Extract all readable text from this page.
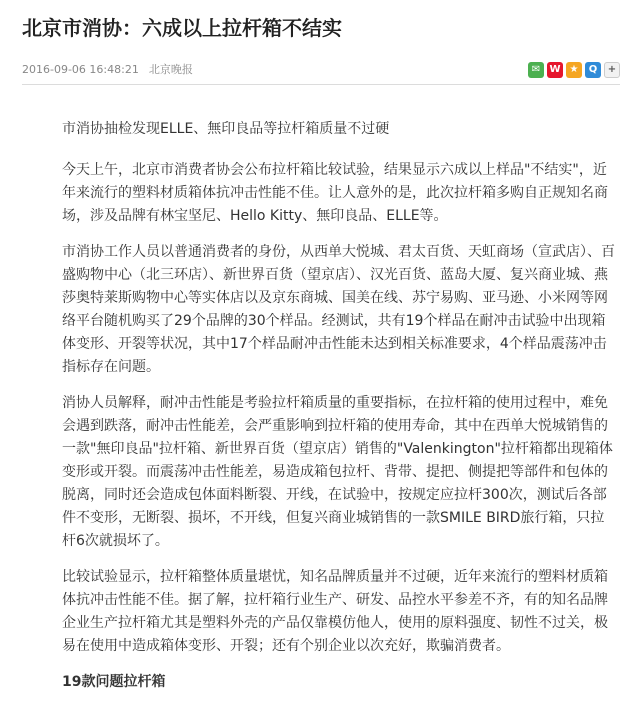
北京市消协：六成以上拉杆箱不结实
2016-09-06 16:48:21 北京晚报	✉ W ★	Q	+

市消协抽检发现ELLE、無印良品等拉杆箱质量不过硬

今天上午，北京市消费者协会公布拉杆箱比较试验，结果显示六成以上样品"不结实"，近年来流行的塑料材质箱体抗冲击性能不佳。让人意外的是，此次拉杆箱多购自正规知名商场，涉及品牌有林宝坚尼、Hello Kitty、無印良品、ELLE等。

市消协工作人员以普通消费者的身份，从西单大悦城、君太百货、天虹商场（宣武店）、百盛购物中心（北三环店）、新世界百货（望京店）、汉光百货、蓝岛大厦、复兴商业城、燕莎奥特莱斯购物中心等实体店以及京东商城、国美在线、苏宁易购、亚马逊、小米网等网络平台随机购买了29个品牌的30个样品。经测试，共有19个样品在耐冲击试验中出现箱体变形、开裂等状况，其中17个样品耐冲击性能未达到相关标准要求，4个样品震荡冲击指标存在问题。

消协人员解释，耐冲击性能是考验拉杆箱质量的重要指标，在拉杆箱的使用过程中，难免会遇到跌落，耐冲击性能差，会严重影响到拉杆箱的使用寿命，其中在西单大悦城销售的一款"無印良品"拉杆箱、新世界百货（望京店）销售的"Valenkington"拉杆箱都出现箱体变形或开裂。而震荡冲击性能差，易造成箱包拉杆、背带、提把、侧提把等部件和包体的脱离，同时还会造成包体面料断裂、开线，在试验中，按规定应拉杆300次，测试后各部件不变形，无断裂、损坏，不开线，但复兴商业城销售的一款SMILE BIRD旅行箱，只拉杆6次就损坏了。

比较试验显示，拉杆箱整体质量堪忧，知名品牌质量并不过硬，近年来流行的塑料材质箱体抗冲击性能不佳。据了解，拉杆箱行业生产、研发、品控水平参差不齐，有的知名品牌企业生产拉杆箱尤其是塑料外壳的产品仅靠模仿他人，使用的原料强度、韧性不过关，极易在使用中造成箱体变形、开裂；还有个别企业以次充好，欺骗消费者。

19款问题拉杆箱
